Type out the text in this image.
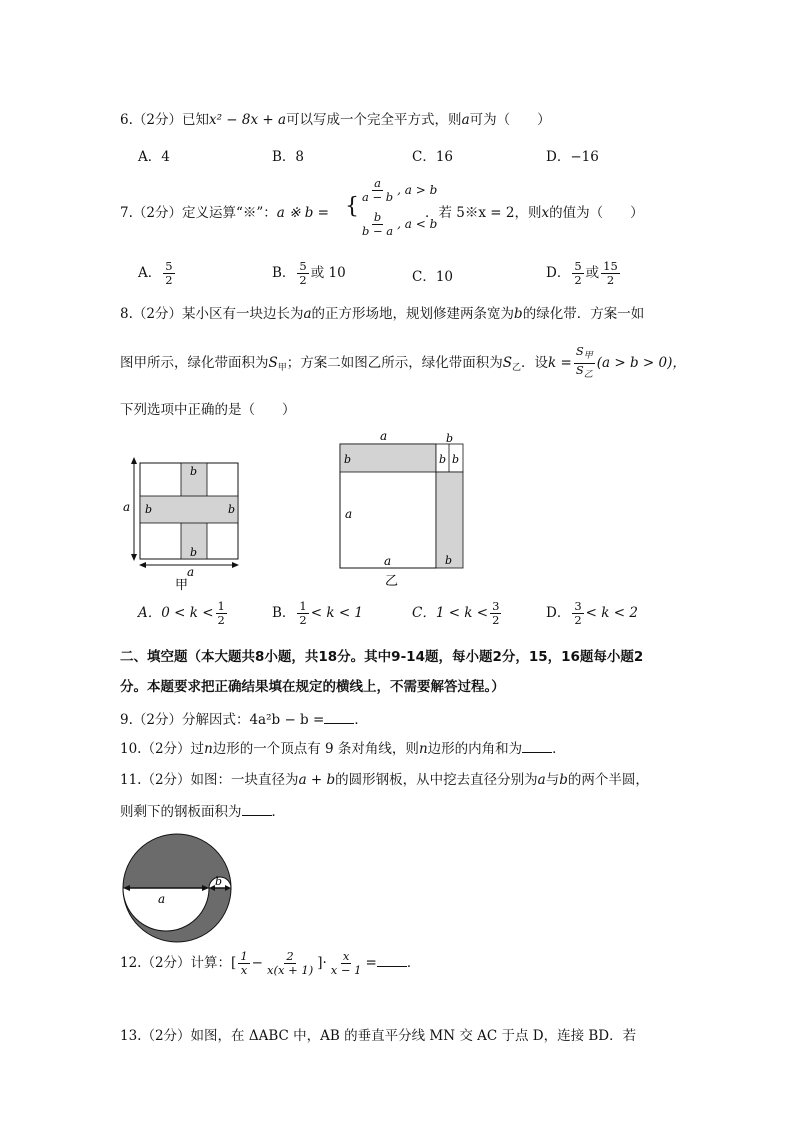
6.（2分）已知x² − 8x + a可以写成一个完全平方式，则a可为（　　）
A．4	B．8	C．16	D．−16
7.（2分）定义运算“※”：a ※ b = {
$\frac{a}{a - b}$ , a > b
$\frac{b}{b - a}$ , a < b
．若 5※x = 2，则x的值为（　　）
A． $\frac{5}{2}$	B． $\frac{5}{2}$ 或 10	C．10	D． $\frac{5}{2}$ 或 $\frac{15}{2}$
8.（2分）某小区有一块边长为a的正方形场地，规划修建两条宽为b的绿化带．方案一如
图甲所示，绿化带面积为$S_甲$；方案二如图乙所示，绿化带面积为$S_乙$．设$k = \frac{S_甲}{S_乙} (a > b > 0)$，
下列选项中正确的是（　　）
a
a
b
b
b	b
甲
a	b
b	b b
a
a	b
乙
A．$0 < k < \frac{1}{2}$	B． $\frac{1}{2} < k < 1$	C．$1 < k < \frac{3}{2}$	D． $\frac{3}{2} < k < 2$
二、填空题（本大题共8小题，共18分。其中9-14题，每小题2分，15，16题每小题2
分。本题要求把正确结果填在规定的横线上，不需要解答过程。）
9.（2分）分解因式：4a²b − b = ．
10.（2分）过n边形的一个顶点有 9 条对角线，则n边形的内角和为 ．
11.（2分）如图：一块直径为a + b的圆形钢板，从中挖去直径分别为a与b的两个半圆，
则剩下的钢板面积为 ．
a
b
12.（2分）计算：[ $\frac{1}{x} - \frac{2}{x(x + 1)}$ ]· $\frac{x}{x - 1}$ = ．
13.（2分）如图，在 ΔABC 中，AB 的垂直平分线 MN 交 AC 于点 D，连接 BD．若
